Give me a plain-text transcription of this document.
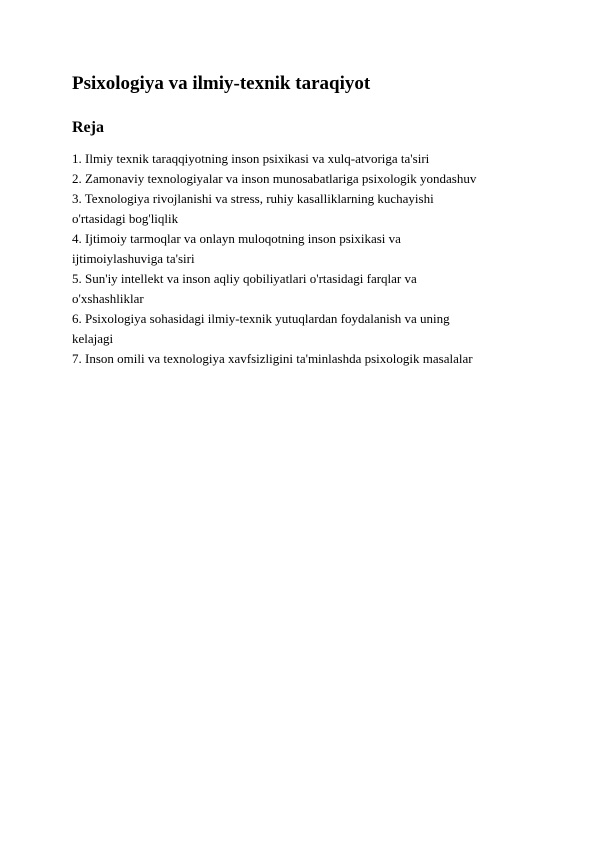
Psixologiya va ilmiy-texnik taraqiyot
Reja
1. Ilmiy texnik taraqqiyotning inson psixikasi va xulq-atvoriga ta'siri
2. Zamonaviy texnologiyalar va inson munosabatlariga psixologik yondashuv
3. Texnologiya rivojlanishi va stress, ruhiy kasalliklarning kuchayishi
o'rtasidagi bog'liqlik
4. Ijtimoiy tarmoqlar va onlayn muloqotning inson psixikasi va
ijtimoiylashuviga ta'siri
5. Sun'iy intellekt va inson aqliy qobiliyatlari o'rtasidagi farqlar va
o'xshashliklar
6. Psixologiya sohasidagi ilmiy-texnik yutuqlardan foydalanish va uning
kelajagi
7. Inson omili va texnologiya xavfsizligini ta'minlashda psixologik masalalar
